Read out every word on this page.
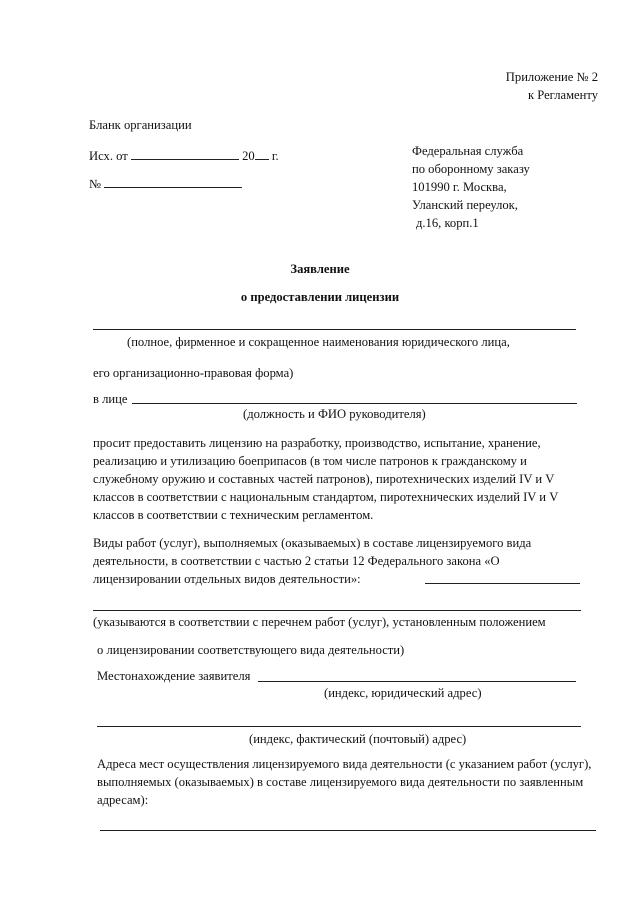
Приложение № 2
к Регламенту
Бланк организации
Исх. от	20 г.
№
Федеральная служба
по оборонному заказу
101990 г. Москва,
Уланский переулок,
д.16, корп.1
Заявление
о предоставлении лицензии
(полное, фирменное и сокращенное наименования юридического лица,
его организационно-правовая форма)
в лице
(должность и ФИО руководителя)
просит предоставить лицензию на разработку, производство, испытание, хранение,
реализацию и утилизацию боеприпасов (в том числе патронов к гражданскому и
служебному оружию и составных частей патронов), пиротехнических изделий IV и V
классов в соответствии с национальным стандартом, пиротехнических изделий IV и V
классов в соответствии с техническим регламентом.
Виды работ (услуг), выполняемых (оказываемых) в составе лицензируемого вида
деятельности, в соответствии с частью 2 статьи 12 Федерального закона «О
лицензировании отдельных видов деятельности»:
(указываются в соответствии с перечнем работ (услуг), установленным положением
о лицензировании соответствующего вида деятельности)
Местонахождение заявителя
(индекс, юридический адрес)
(индекс, фактический (почтовый) адрес)
Адреса мест осуществления лицензируемого вида деятельности (с указанием работ (услуг),
выполняемых (оказываемых) в составе лицензируемого вида деятельности по заявленным
адресам):
